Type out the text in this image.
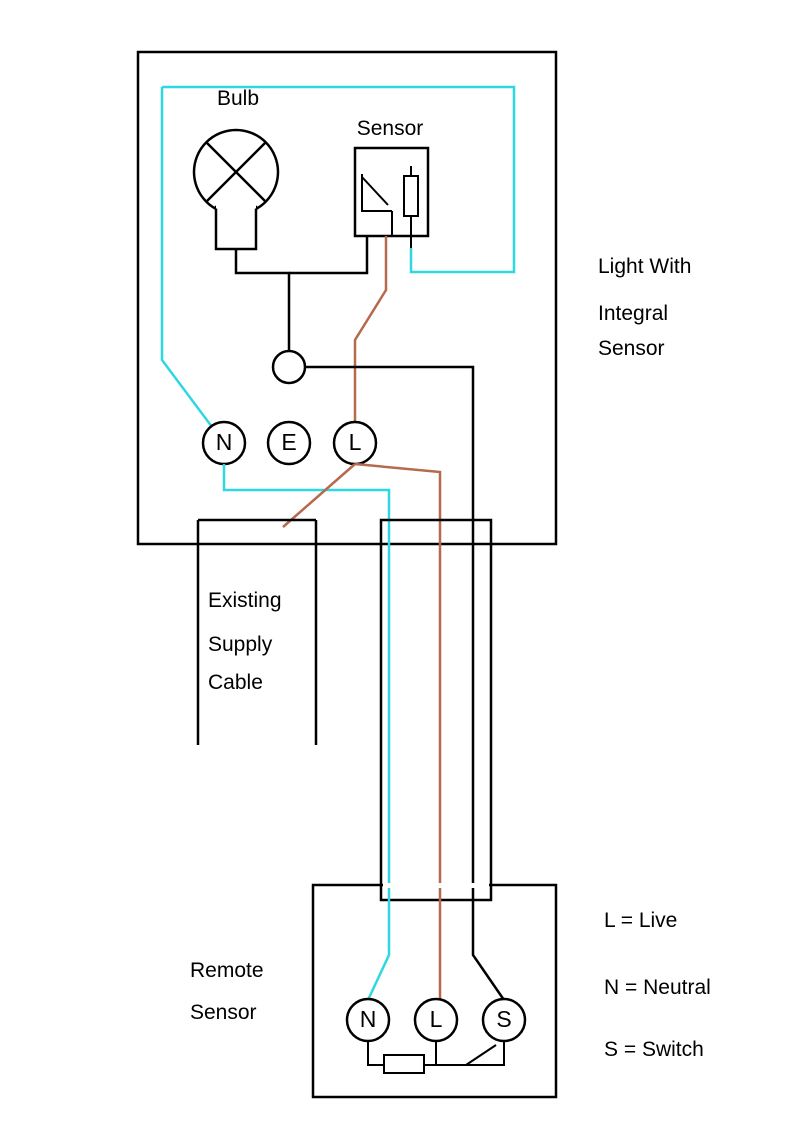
Bulb
Sensor
Light With
Integral
Sensor
N	E	L
Existing
Supply
Cable
Remote
Sensor	N	L	S
L = Live
N = Neutral
S = Switch
